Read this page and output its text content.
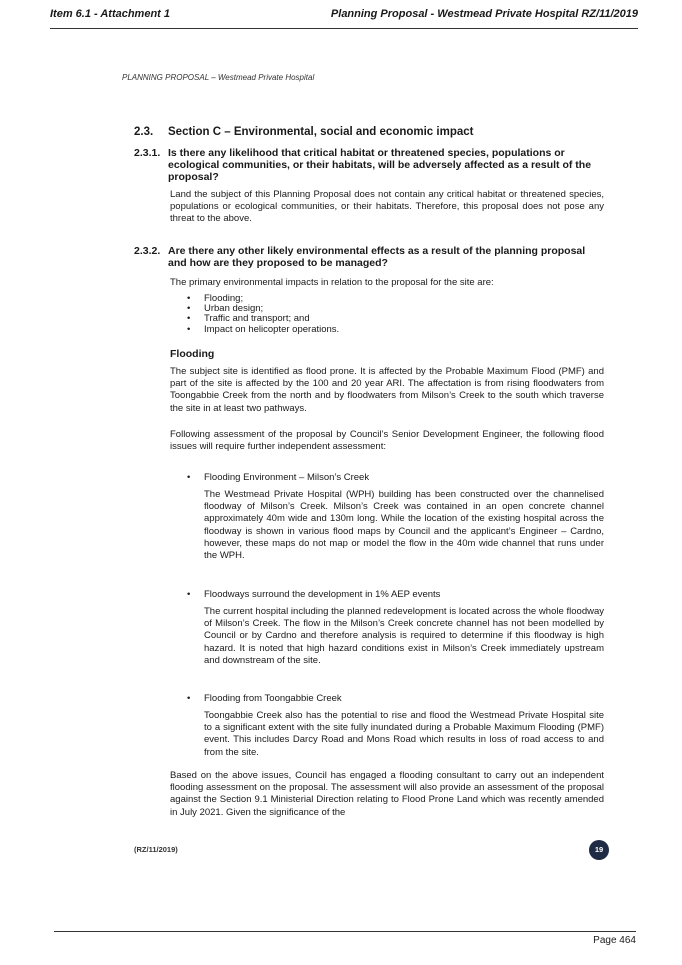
Item 6.1 - Attachment 1	Planning Proposal - Westmead Private Hospital RZ/11/2019
PLANNING PROPOSAL – Westmead Private Hospital
2.3. Section C – Environmental, social and economic impact
2.3.1. Is there any likelihood that critical habitat or threatened species, populations or ecological communities, or their habitats, will be adversely affected as a result of the proposal?
Land the subject of this Planning Proposal does not contain any critical habitat or threatened species, populations or ecological communities, or their habitats. Therefore, this proposal does not pose any threat to the above.
2.3.2. Are there any other likely environmental effects as a result of the planning proposal and how are they proposed to be managed?
The primary environmental impacts in relation to the proposal for the site are:
• Flooding;
• Urban design;
• Traffic and transport; and
• Impact on helicopter operations.
Flooding
The subject site is identified as flood prone. It is affected by the Probable Maximum Flood (PMF) and part of the site is affected by the 100 and 20 year ARI. The affectation is from rising floodwaters from Toongabbie Creek from the north and by floodwaters from Milson’s Creek to the south which traverse the site in at least two pathways.
Following assessment of the proposal by Council’s Senior Development Engineer, the following flood issues will require further independent assessment:
• Flooding Environment – Milson’s Creek
The Westmead Private Hospital (WPH) building has been constructed over the channelised floodway of Milson’s Creek. Milson’s Creek was contained in an open concrete channel approximately 40m wide and 130m long. While the location of the existing hospital across the floodway is shown in various flood maps by Council and the applicant’s Engineer – Cardno, however, these maps do not map or model the flow in the 40m wide channel that runs under the WPH.
• Floodways surround the development in 1% AEP events
The current hospital including the planned redevelopment is located across the whole floodway of Milson’s Creek. The flow in the Milson’s Creek concrete channel has not been modelled by Council or by Cardno and therefore analysis is required to determine if this floodway is high hazard. It is noted that high hazard conditions exist in Milson’s Creek immediately upstream and downstream of the site.
• Flooding from Toongabbie Creek
Toongabbie Creek also has the potential to rise and flood the Westmead Private Hospital site to a significant extent with the site fully inundated during a Probable Maximum Flooding (PMF) event. This includes Darcy Road and Mons Road which results in loss of road access to and from the site.
Based on the above issues, Council has engaged a flooding consultant to carry out an independent flooding assessment on the proposal. The assessment will also provide an assessment of the proposal against the Section 9.1 Ministerial Direction relating to Flood Prone Land which was recently amended in July 2021. Given the significance of the
(RZ/11/2019)	19
Page 464
